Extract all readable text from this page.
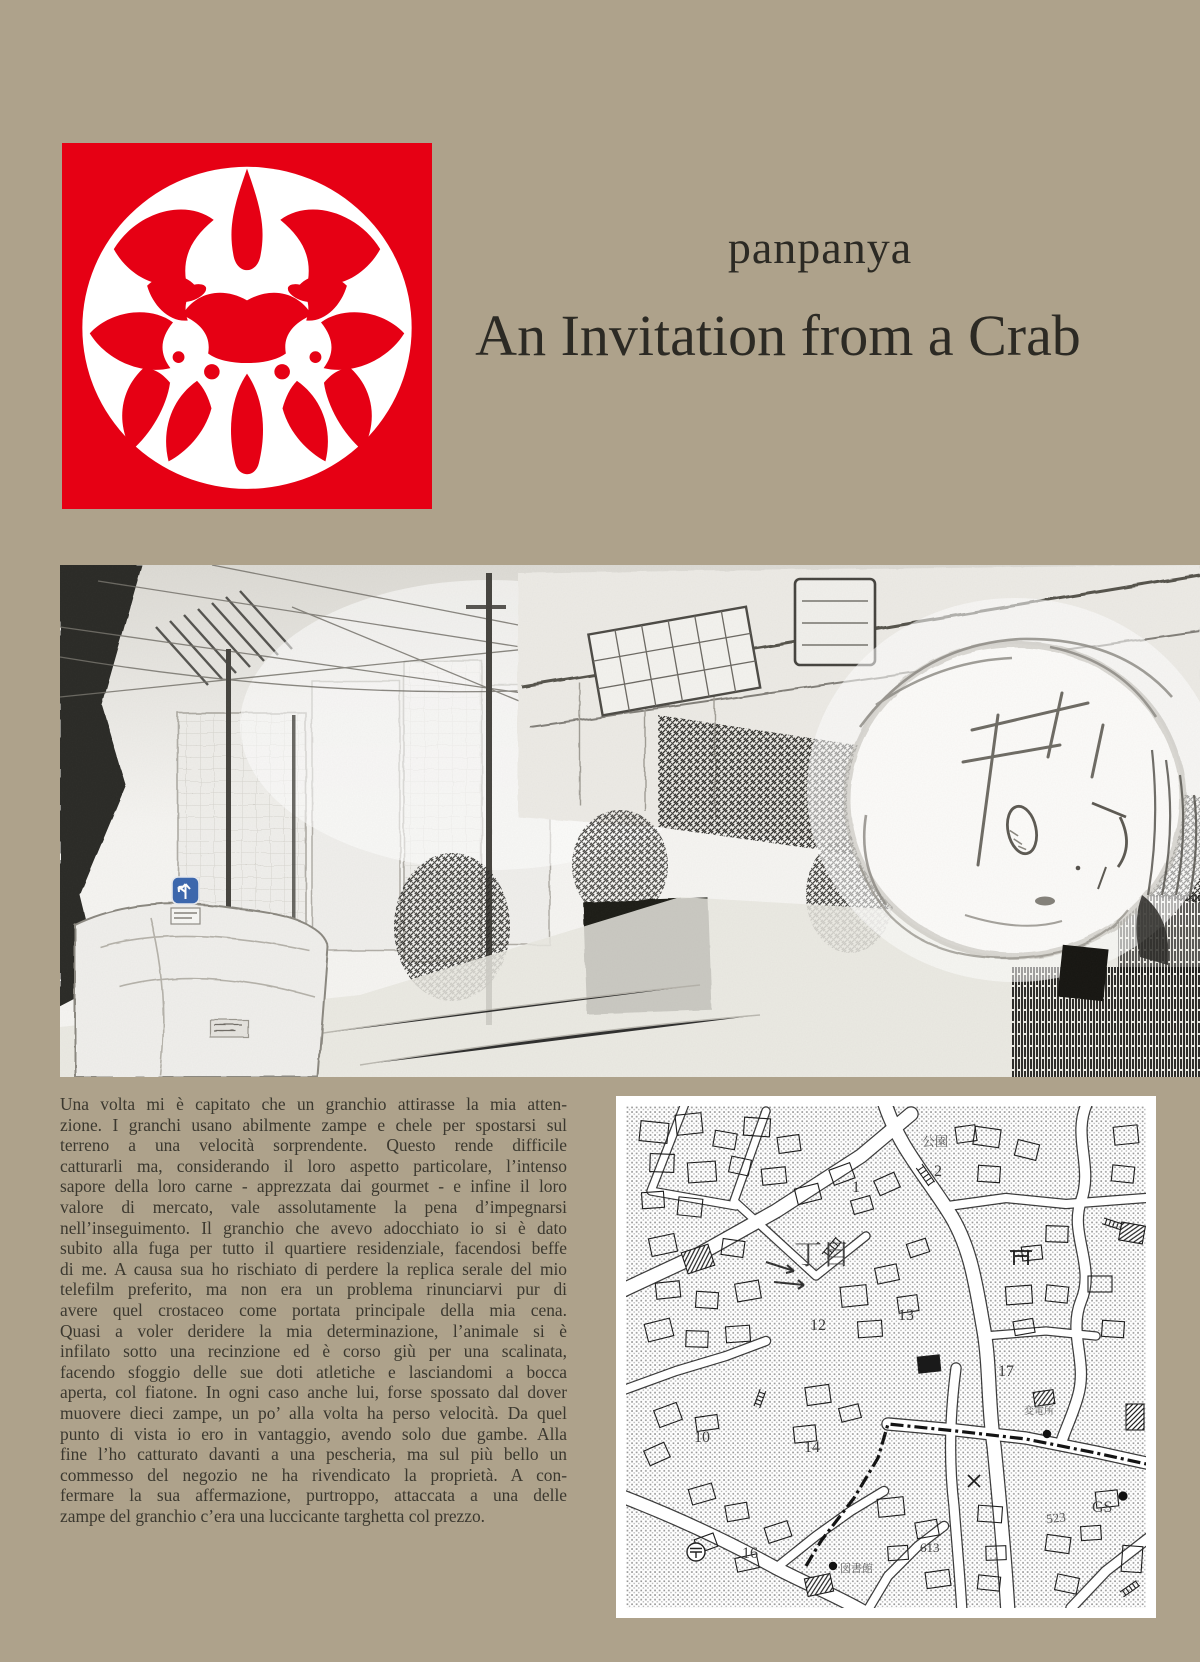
panpanya
An Invitation from a Crab
Una volta mi è capitato che un granchio attirasse la mia atten-
zione. I granchi usano abilmente zampe e chele per spostarsi sul
terreno a una velocità sorprendente. Questo rende difficile
catturarli ma, considerando il loro aspetto particolare, l’intenso
sapore della loro carne - apprezzata dai gourmet - e infine il loro
valore di mercato, vale assolutamente la pena d’impegnarsi
nell’inseguimento. Il granchio che avevo adocchiato io si è dato
subito alla fuga per tutto il quartiere residenziale, facendosi beffe
di me. A causa sua ho rischiato di perdere la replica serale del mio
telefilm preferito, ma non era un problema rinunciarvi pur di
avere quel crostaceo come portata principale della mia cena.
Quasi a voler deridere la mia determinazione, l’animale si è
infilato sotto una recinzione ed è corso giù per una scalinata,
facendo sfoggio delle sue doti atletiche e lasciandomi a bocca
aperta, col fiatone. In ogni caso anche lui, forse spossato dal dover
muovere dieci zampe, un po’ alla volta ha perso velocità. Da quel
punto di vista io ero in vantaggio, avendo solo due gambe. Alla
fine l’ho catturato davanti a una pescheria, ma sul più bello un
commesso del negozio ne ha rivendicato la proprietà. A con-
fermare la sua affermazione, purtroppo, attaccata a una delle
zampe del granchio c’era una luccicante targhetta col prezzo.
公園
2
1
丁目
12
13
10
14
17
変電所
523
GS
613
16
図書館
